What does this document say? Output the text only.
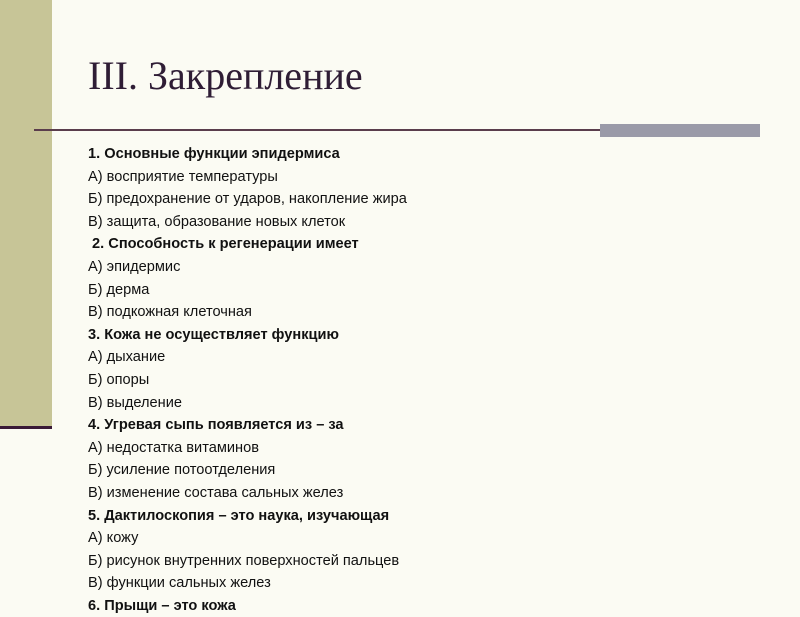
III. Закрепление
1. Основные функции эпидермиса
А) восприятие температуры
Б) предохранение от ударов, накопление жира
В) защита, образование новых клеток
2. Способность к регенерации имеет
А) эпидермис
Б) дерма
В) подкожная клеточная
3. Кожа не осуществляет функцию
А) дыхание
Б) опоры
В) выделение
4. Угревая сыпь появляется из – за
А) недостатка витаминов
Б) усиление потоотделения
В) изменение состава сальных желез
5. Дактилоскопия – это наука, изучающая
А) кожу
Б) рисунок внутренних поверхностей пальцев
В) функции сальных желез
6. Прыщи – это кожа
